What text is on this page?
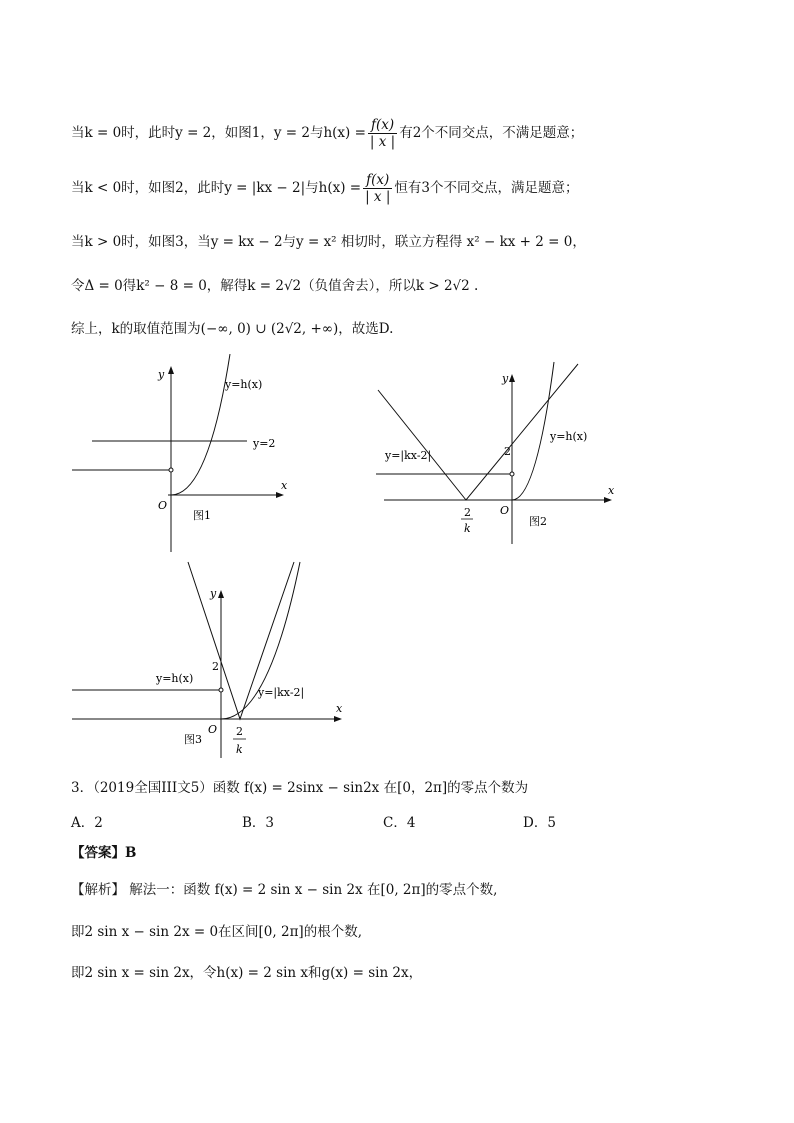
当k = 0时，此时y = 2，如图1，y = 2与$h(x) = \frac{f(x)}{| x |}$ 有2个不同交点，不满足题意；
当k < 0时，如图2，此时y = |kx − 2|与$h(x) = \frac{f(x)}{| x |}$ 恒有3个不同交点，满足题意；
当k > 0时，如图3，当y = kx − 2与y = x² 相切时，联立方程得 x² − kx + 2 = 0，
令Δ = 0得k² − 8 = 0，解得k = 2√2（负值舍去），所以k > 2√2 .
综上，k的取值范围为(−∞, 0) ∪ (2√2, +∞)，故选D.
y
x
O
y=h(x)
y=2
图1
y
x
O
2
2
k
y=h(x)
y=|kx-2|
图2
y
x
O
2
2
k
y=h(x)
y=|kx-2|
图3
3．（2019全国III文5）函数 f(x) = 2sinx − sin2x 在[0，2π]的零点个数为
A．2	B．3	C．4	D．5
【答案】B
【解析】 解法一：函数 f(x) = 2 sin x − sin 2x 在[0, 2π]的零点个数,
即2 sin x − sin 2x = 0在区间[0, 2π]的根个数,
即2 sin x = sin 2x，令h(x) = 2 sin x和g(x) = sin 2x，
